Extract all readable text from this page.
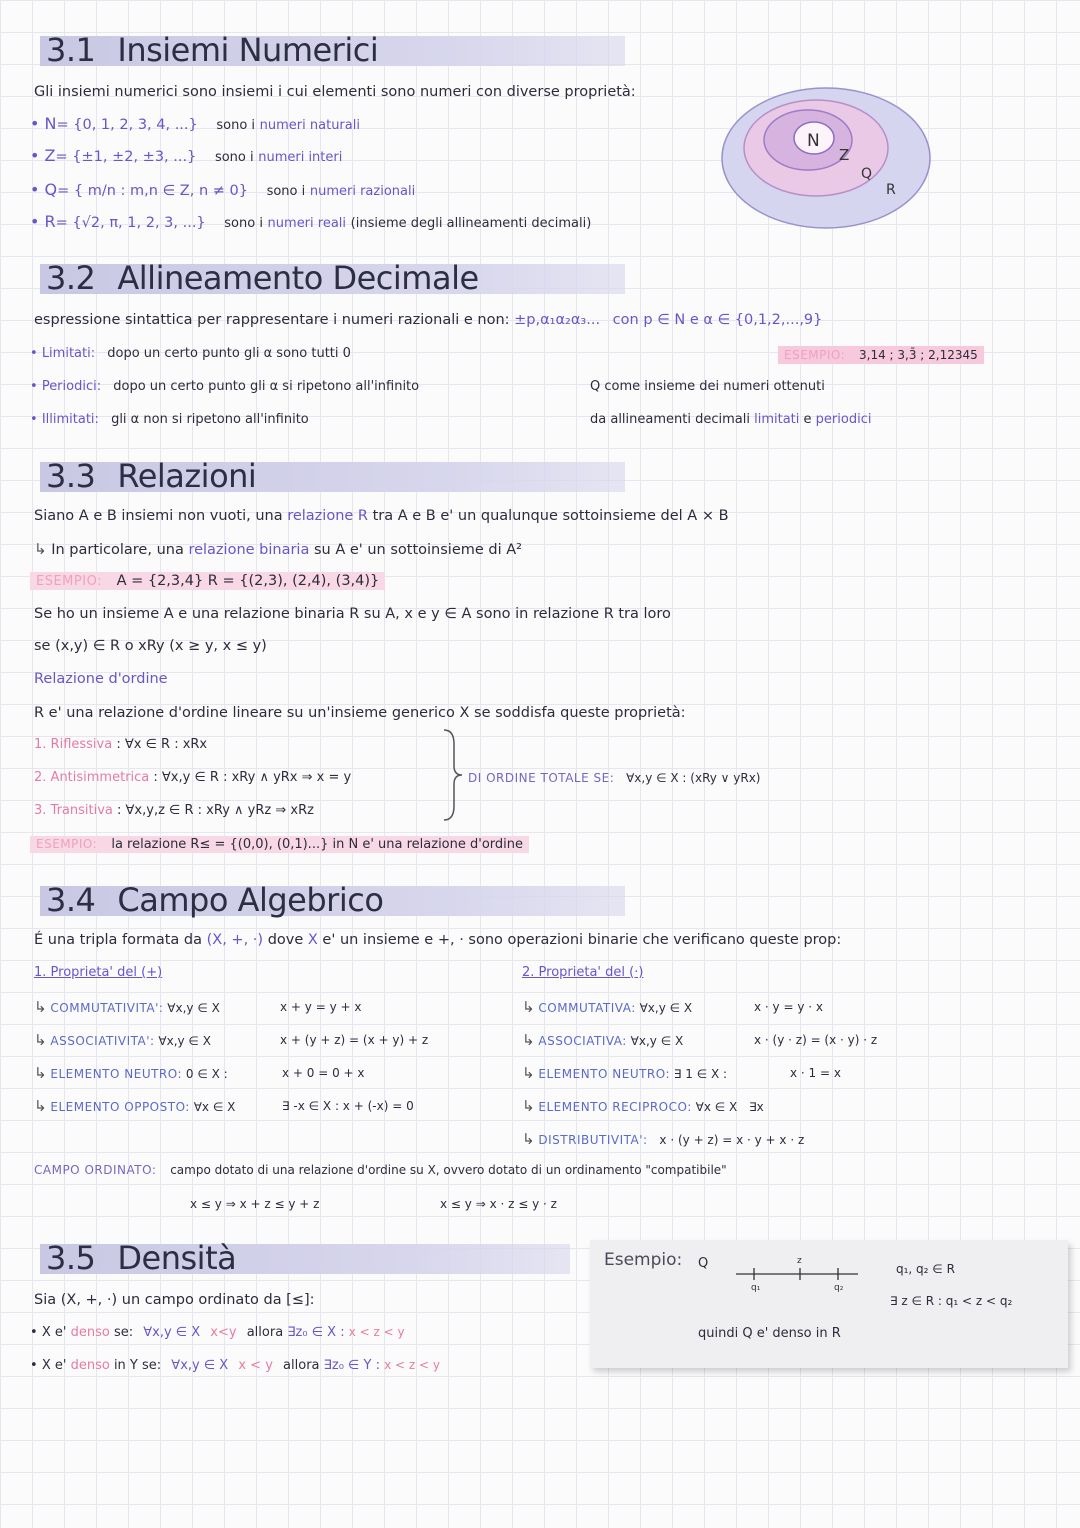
3.1 Insiemi Numerici
Gli insiemi numerici sono insiemi i cui elementi sono numeri con diverse proprietà:
• N= {0, 1, 2, 3, 4, ...} sono i numeri naturali
• Z= {±1, ±2, ±3, ...} sono i numeri interi
• Q= { m/n : m,n ∈ Z, n ≠ 0} sono i numeri razionali
• R= {√2, π, 1, 2, 3, ...} sono i numeri reali (insieme degli allineamenti decimali)
N
Z
Q
R
3.2 Allineamento Decimale
espressione sintattica per rappresentare i numeri razionali e non: ±p,α₁α₂α₃... con p ∈ N e α ∈ {0,1,2,...,9}
• Limitati: dopo un certo punto gli α sono tutti 0
• Periodici: dopo un certo punto gli α si ripetono all'infinito
• Illimitati: gli α non si ripetono all'infinito
ESEMPIO: 3,14 ; 3,3̄ ; 2,12345
Q come insieme dei numeri ottenuti
da allineamenti decimali limitati e periodici
3.3 Relazioni
Siano A e B insiemi non vuoti, una relazione R tra A e B e' un qualunque sottoinsieme del A × B
↳ In particolare, una relazione binaria su A e' un sottoinsieme di A²
ESEMPIO: A = {2,3,4} R = {(2,3), (2,4), (3,4)}
Se ho un insieme A e una relazione binaria R su A, x e y ∈ A sono in relazione R tra loro
se (x,y) ∈ R o xRy (x ≥ y, x ≤ y)
Relazione d'ordine
R e' una relazione d'ordine lineare su un'insieme generico X se soddisfa queste proprietà:
1. Riflessiva : ∀x ∈ R : xRx
2. Antisimmetrica : ∀x,y ∈ R : xRy ∧ yRx ⇒ x = y
3. Transitiva : ∀x,y,z ∈ R : xRy ∧ yRz ⇒ xRz
DI ORDINE TOTALE SE: ∀x,y ∈ X : (xRy ∨ yRx)
ESEMPIO: la relazione R≤ = {(0,0), (0,1)...} in N e' una relazione d'ordine
3.4 Campo Algebrico
É una tripla formata da (X, +, ·) dove X e' un insieme e +, · sono operazioni binarie che verificano queste prop:
1. Proprieta' del (+)	2. Proprieta' del (·)
↳ COMMUTATIVITA': ∀x,y ∈ X	x + y = y + x
↳ ASSOCIATIVITA': ∀x,y ∈ X	x + (y + z) = (x + y) + z
↳ ELEMENTO NEUTRO: 0 ∈ X :	x + 0 = 0 + x
↳ ELEMENTO OPPOSTO: ∀x ∈ X	∃ -x ∈ X : x + (-x) = 0
↳ COMMUTATIVA: ∀x,y ∈ X	x · y = y · x
↳ ASSOCIATIVA: ∀x,y ∈ X	x · (y · z) = (x · y) · z
↳ ELEMENTO NEUTRO: ∃ 1 ∈ X :	x · 1 = x
↳ ELEMENTO RECIPROCO: ∀x ∈ X ∃x
↳ DISTRIBUTIVITA': x · (y + z) = x · y + x · z
CAMPO ORDINATO: campo dotato di una relazione d'ordine su X, ovvero dotato di un ordinamento "compatibile"
x ≤ y ⇒ x + z ≤ y + z	x ≤ y ⇒ x · z ≤ y · z
3.5 Densità
Sia (X, +, ·) un campo ordinato da [≤]:
• X e' denso se: ∀x,y ∈ X x<y allora ∃z₀ ∈ X : x < z < y
• X e' denso in Y se: ∀x,y ∈ X x < y allora ∃z₀ ∈ Y : x < z < y
Esempio: Q
q₁
z
q₂
q₁, q₂ ∈ R
∃ z ∈ R : q₁ < z < q₂
quindi Q e' denso in R
